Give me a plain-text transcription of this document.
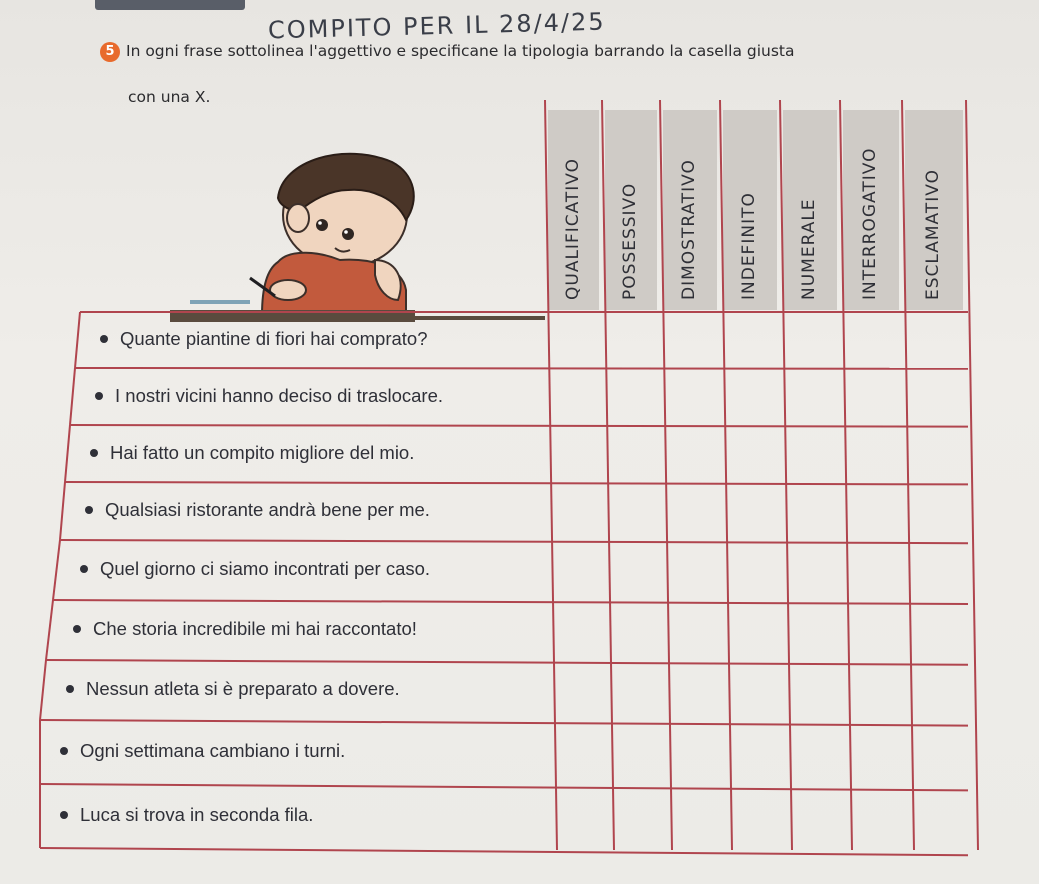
COMPITO PER IL 28/4/25
5 In ogni frase sottolinea l'aggettivo e specificane la tipologia barrando la casella giusta
con una X.
QUALIFICATIVO POSSESSIVO DIMOSTRATIVO INDEFINITO NUMERALE INTERROGATIVO	ESCLAMATIVO
Quante piantine di fiori hai comprato?
I nostri vicini hanno deciso di traslocare.
Hai fatto un compito migliore del mio.
Qualsiasi ristorante andrà bene per me.
Quel giorno ci siamo incontrati per caso.
Che storia incredibile mi hai raccontato!
Nessun atleta si è preparato a dovere.
Ogni settimana cambiano i turni.
Luca si trova in seconda fila.
